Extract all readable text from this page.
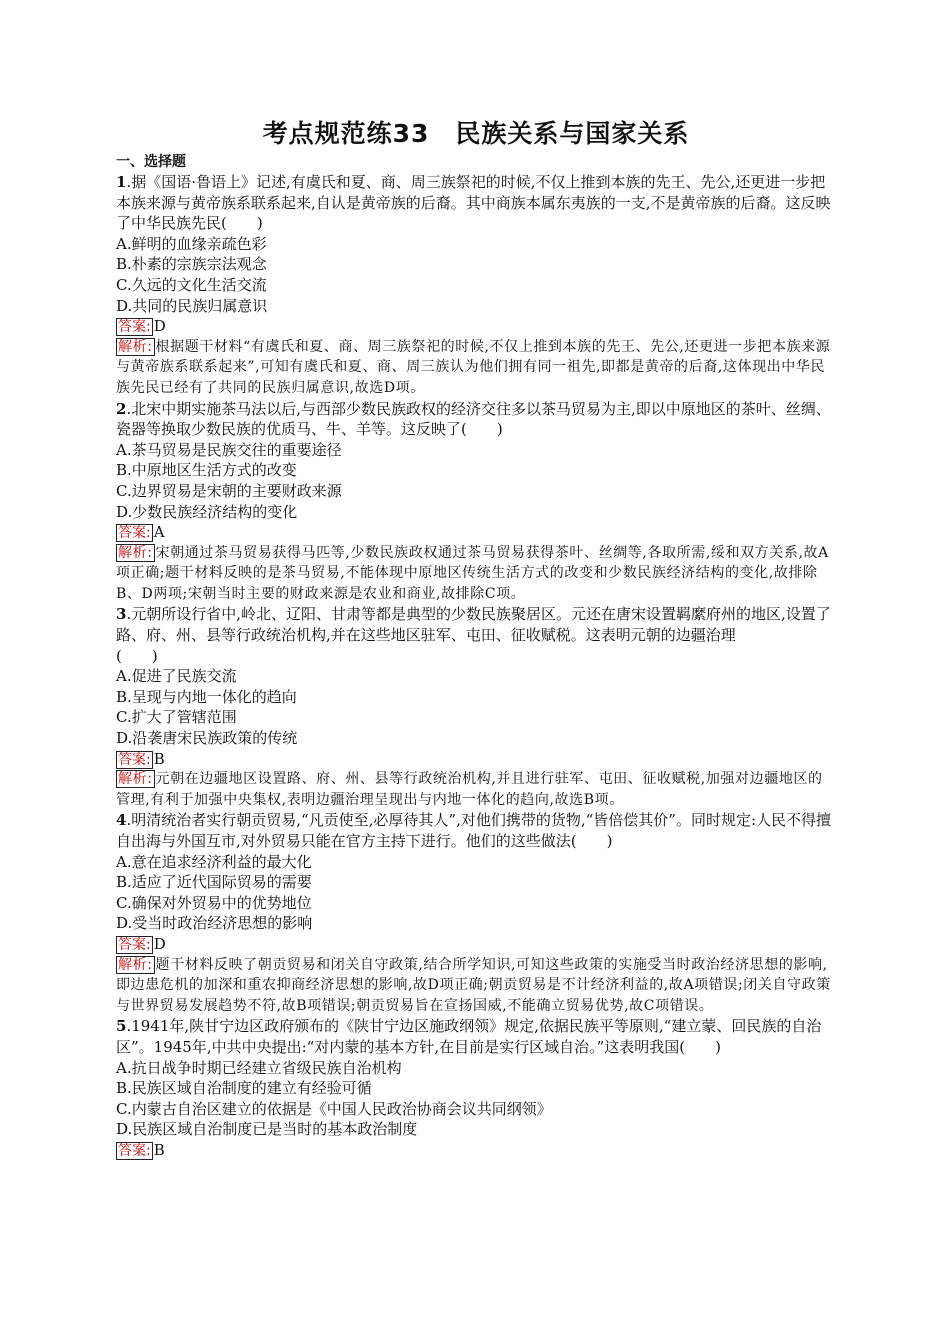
考点规范练33　民族关系与国家关系
一、选择题
1.据《国语·鲁语上》记述,有虞氏和夏、商、周三族祭祀的时候,不仅上推到本族的先王、先公,还更进一步把本族来源与黄帝族系联系起来,自认是黄帝族的后裔。其中商族本属东夷族的一支,不是黄帝族的后裔。这反映了中华民族先民(　　)
A.鲜明的血缘亲疏色彩
B.朴素的宗族宗法观念
C.久远的文化生活交流
D.共同的民族归属意识
答案: D
解析: 根据题干材料“有虞氏和夏、商、周三族祭祀的时候,不仅上推到本族的先王、先公,还更进一步把本族来源与黄帝族系联系起来”,可知有虞氏和夏、商、周三族认为他们拥有同一祖先,即都是黄帝的后裔,这体现出中华民族先民已经有了共同的民族归属意识,故选D项。
2.北宋中期实施茶马法以后,与西部少数民族政权的经济交往多以茶马贸易为主,即以中原地区的茶叶、丝绸、瓷器等换取少数民族的优质马、牛、羊等。这反映了(　　)
A.茶马贸易是民族交往的重要途径
B.中原地区生活方式的改变
C.边界贸易是宋朝的主要财政来源
D.少数民族经济结构的变化
答案: A
解析: 宋朝通过茶马贸易获得马匹等,少数民族政权通过茶马贸易获得茶叶、丝绸等,各取所需,绥和双方关系,故A项正确;题干材料反映的是茶马贸易,不能体现中原地区传统生活方式的改变和少数民族经济结构的变化,故排除B、D两项;宋朝当时主要的财政来源是农业和商业,故排除C项。
3.元朝所设行省中,岭北、辽阳、甘肃等都是典型的少数民族聚居区。元还在唐宋设置羁縻府州的地区,设置了路、府、州、县等行政统治机构,并在这些地区驻军、屯田、征收赋税。这表明元朝的边疆治理　　　　(　　)
A.促进了民族交流
B.呈现与内地一体化的趋向
C.扩大了管辖范围
D.沿袭唐宋民族政策的传统
答案: B
解析: 元朝在边疆地区设置路、府、州、县等行政统治机构,并且进行驻军、屯田、征收赋税,加强对边疆地区的管理,有利于加强中央集权,表明边疆治理呈现出与内地一体化的趋向,故选B项。
4.明清统治者实行朝贡贸易,“凡贡使至,必厚待其人”,对他们携带的货物,“皆倍偿其价”。同时规定:人民不得擅自出海与外国互市,对外贸易只能在官方主持下进行。他们的这些做法(　　)
A.意在追求经济利益的最大化
B.适应了近代国际贸易的需要
C.确保对外贸易中的优势地位
D.受当时政治经济思想的影响
答案: D
解析: 题干材料反映了朝贡贸易和闭关自守政策,结合所学知识,可知这些政策的实施受当时政治经济思想的影响,即边患危机的加深和重农抑商经济思想的影响,故D项正确;朝贡贸易是不计经济利益的,故A项错误;闭关自守政策与世界贸易发展趋势不符,故B项错误;朝贡贸易旨在宣扬国威,不能确立贸易优势,故C项错误。
5.1941年,陕甘宁边区政府颁布的《陕甘宁边区施政纲领》规定,依据民族平等原则,“建立蒙、回民族的自治区”。1945年,中共中央提出:“对内蒙的基本方针,在目前是实行区域自治。”这表明我国(　　)
A.抗日战争时期已经建立省级民族自治机构
B.民族区域自治制度的建立有经验可循
C.内蒙古自治区建立的依据是《中国人民政治协商会议共同纲领》
D.民族区域自治制度已是当时的基本政治制度
答案: B
